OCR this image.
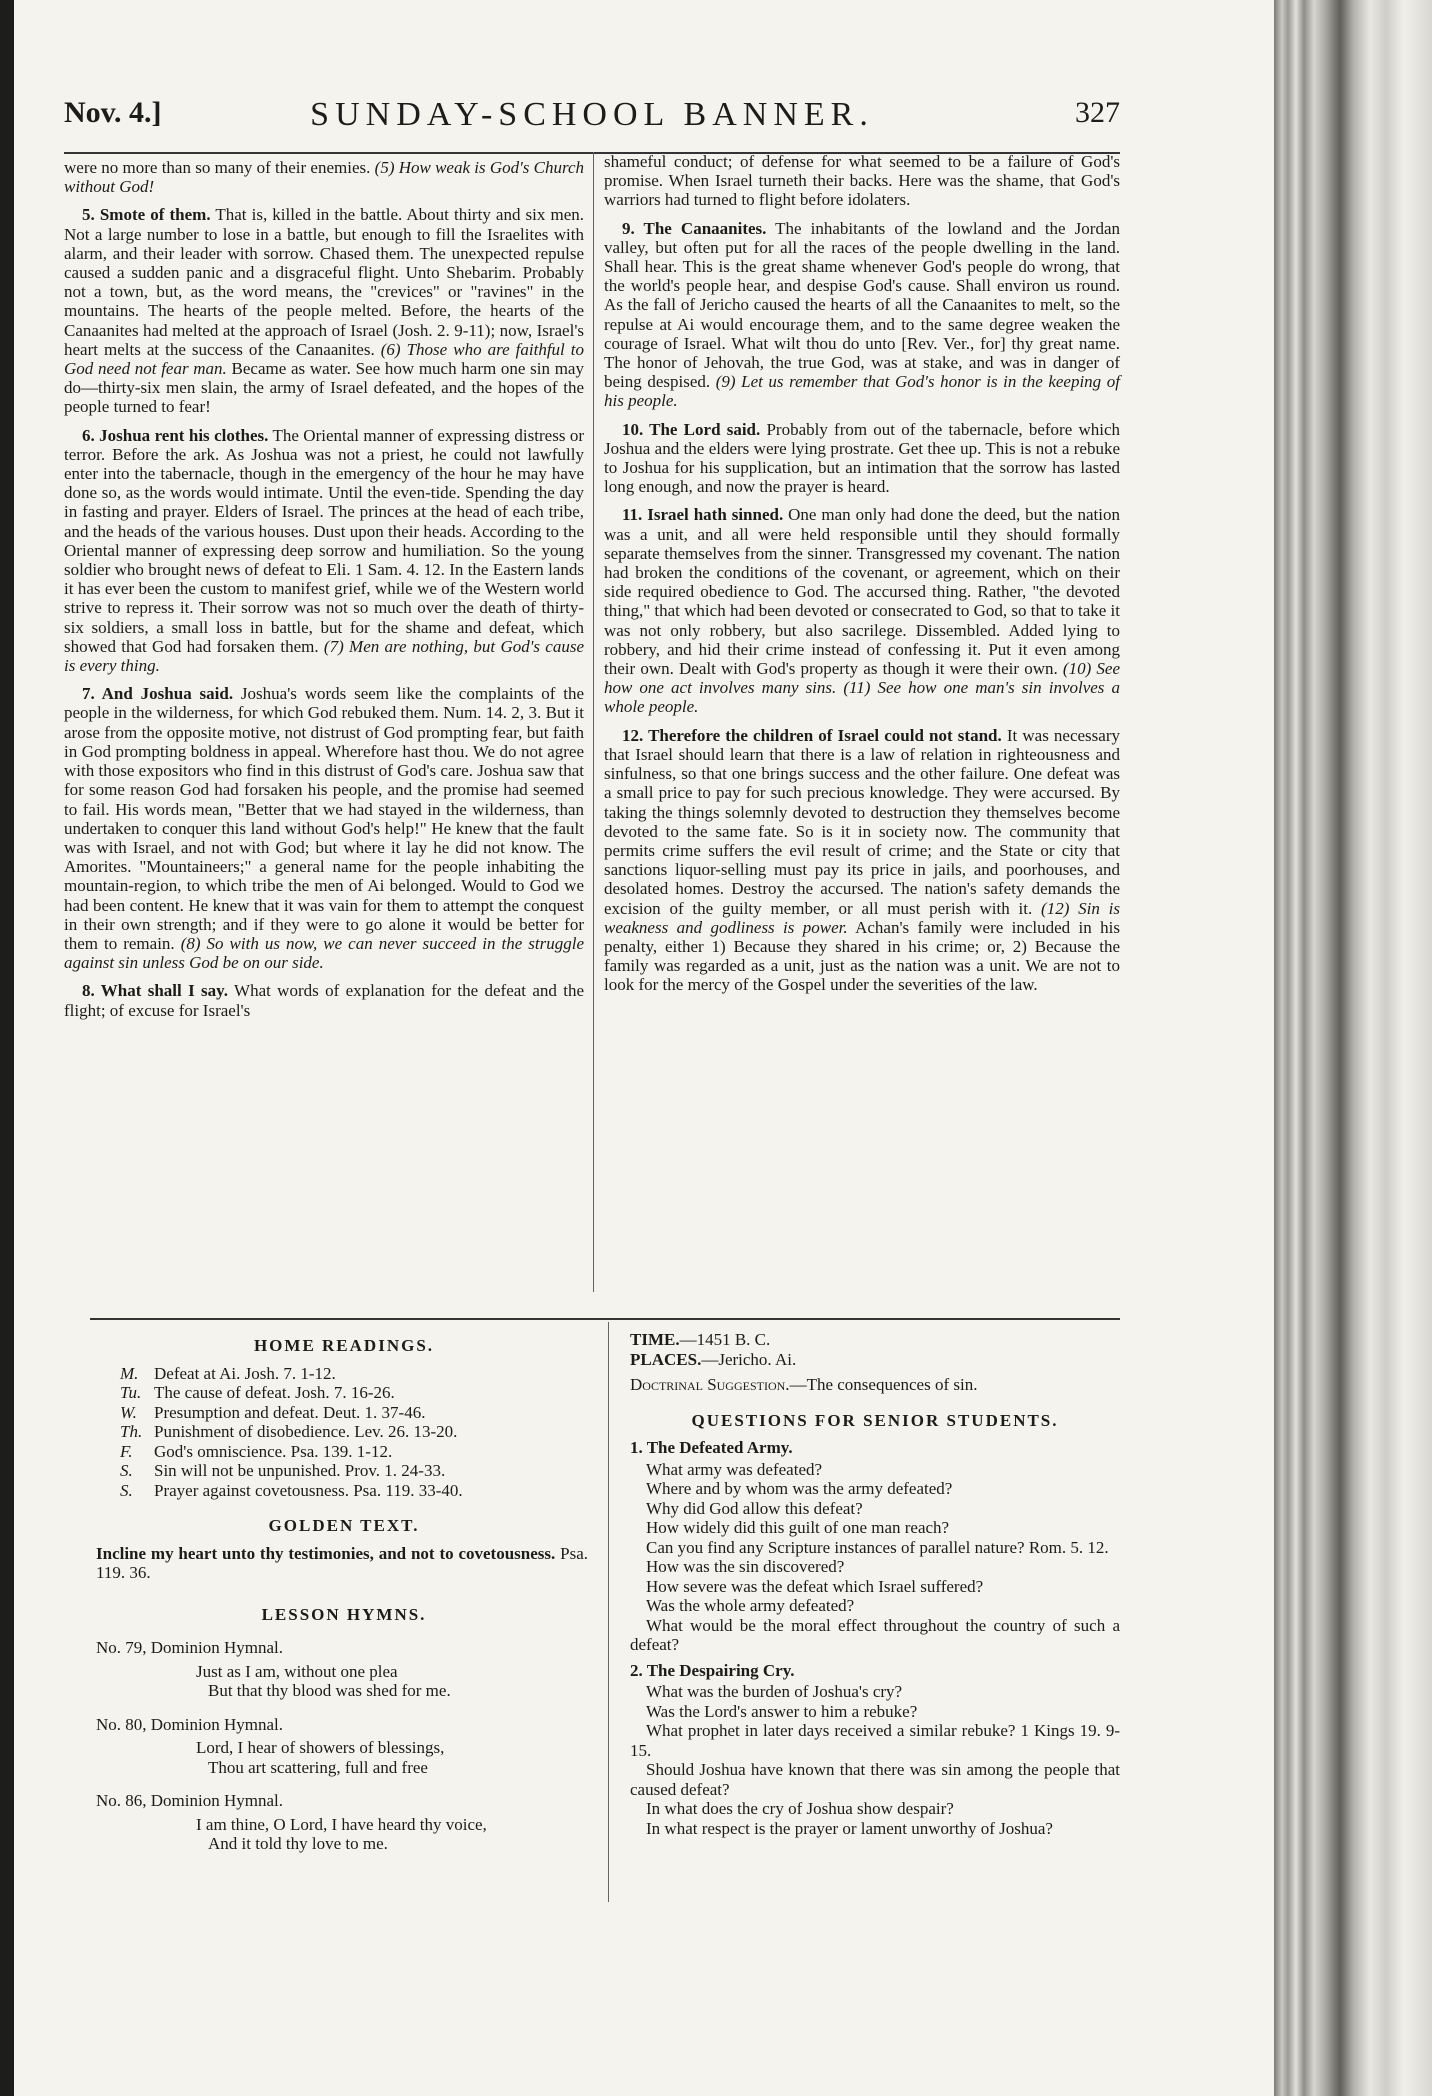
Nov. 4.]	SUNDAY-SCHOOL BANNER.	327

were no more than so many of their enemies. (5) How weak is God's Church without God!

5. Smote of them. That is, killed in the battle. About thirty and six men. Not a large number to lose in a battle, but enough to fill the Israelites with alarm, and their leader with sorrow. Chased them. The unexpected repulse caused a sudden panic and a disgraceful flight. Unto Shebarim. Probably not a town, but, as the word means, the "crevices" or "ravines" in the mountains. The hearts of the people melted. Before, the hearts of the Canaanites had melted at the approach of Israel (Josh. 2. 9-11); now, Israel's heart melts at the success of the Canaanites. (6) Those who are faithful to God need not fear man. Became as water. See how much harm one sin may do—thirty-six men slain, the army of Israel defeated, and the hopes of the people turned to fear!

6. Joshua rent his clothes. The Oriental manner of expressing distress or terror. Before the ark. As Joshua was not a priest, he could not lawfully enter into the tabernacle, though in the emergency of the hour he may have done so, as the words would intimate. Until the even-tide. Spending the day in fasting and prayer. Elders of Israel. The princes at the head of each tribe, and the heads of the various houses. Dust upon their heads. According to the Oriental manner of expressing deep sorrow and humiliation. So the young soldier who brought news of defeat to Eli. 1 Sam. 4. 12. In the Eastern lands it has ever been the custom to manifest grief, while we of the Western world strive to repress it. Their sorrow was not so much over the death of thirty-six soldiers, a small loss in battle, but for the shame and defeat, which showed that God had forsaken them. (7) Men are nothing, but God's cause is every thing.

7. And Joshua said. Joshua's words seem like the complaints of the people in the wilderness, for which God rebuked them. Num. 14. 2, 3. But it arose from the opposite motive, not distrust of God prompting fear, but faith in God prompting boldness in appeal. Wherefore hast thou. We do not agree with those expositors who find in this distrust of God's care. Joshua saw that for some reason God had forsaken his people, and the promise had seemed to fail. His words mean, "Better that we had stayed in the wilderness, than undertaken to conquer this land without God's help!" He knew that the fault was with Israel, and not with God; but where it lay he did not know. The Amorites. "Mountaineers;" a general name for the people inhabiting the mountain-region, to which tribe the men of Ai belonged. Would to God we had been content. He knew that it was vain for them to attempt the conquest in their own strength; and if they were to go alone it would be better for them to remain. (8) So with us now, we can never succeed in the struggle against sin unless God be on our side.

8. What shall I say. What words of explanation for the defeat and the flight; of excuse for Israel's

shameful conduct; of defense for what seemed to be a failure of God's promise. When Israel turneth their backs. Here was the shame, that God's warriors had turned to flight before idolaters.

9. The Canaanites. The inhabitants of the lowland and the Jordan valley, but often put for all the races of the people dwelling in the land. Shall hear. This is the great shame whenever God's people do wrong, that the world's people hear, and despise God's cause. Shall environ us round. As the fall of Jericho caused the hearts of all the Canaanites to melt, so the repulse at Ai would encourage them, and to the same degree weaken the courage of Israel. What wilt thou do unto [Rev. Ver., for] thy great name. The honor of Jehovah, the true God, was at stake, and was in danger of being despised. (9) Let us remember that God's honor is in the keeping of his people.

10. The Lord said. Probably from out of the tabernacle, before which Joshua and the elders were lying prostrate. Get thee up. This is not a rebuke to Joshua for his supplication, but an intimation that the sorrow has lasted long enough, and now the prayer is heard.

11. Israel hath sinned. One man only had done the deed, but the nation was a unit, and all were held responsible until they should formally separate themselves from the sinner. Transgressed my covenant. The nation had broken the conditions of the covenant, or agreement, which on their side required obedience to God. The accursed thing. Rather, "the devoted thing," that which had been devoted or consecrated to God, so that to take it was not only robbery, but also sacrilege. Dissembled. Added lying to robbery, and hid their crime instead of confessing it. Put it even among their own. Dealt with God's property as though it were their own. (10) See how one act involves many sins. (11) See how one man's sin involves a whole people.

12. Therefore the children of Israel could not stand. It was necessary that Israel should learn that there is a law of relation in righteousness and sinfulness, so that one brings success and the other failure. One defeat was a small price to pay for such precious knowledge. They were accursed. By taking the things solemnly devoted to destruction they themselves become devoted to the same fate. So is it in society now. The community that permits crime suffers the evil result of crime; and the State or city that sanctions liquor-selling must pay its price in jails, and poorhouses, and desolated homes. Destroy the accursed. The nation's safety demands the excision of the guilty member, or all must perish with it. (12) Sin is weakness and godliness is power. Achan's family were included in his penalty, either 1) Because they shared in his crime; or, 2) Because the family was regarded as a unit, just as the nation was a unit. We are not to look for the mercy of the Gospel under the severities of the law.

HOME READINGS.
M. Defeat at Ai. Josh. 7. 1-12.
Tu. The cause of defeat. Josh. 7. 16-26.
W.	Presumption and defeat. Deut. 1. 37-46.
Th. Punishment of disobedience. Lev. 26. 13-20.
F.	God's omniscience. Psa. 139. 1-12.
S.	Sin will not be unpunished. Prov. 1. 24-33.
S.	Prayer against covetousness. Psa. 119. 33-40.
GOLDEN TEXT.
Incline my heart unto thy testimonies, and not to covetousness. Psa. 119. 36.
LESSON HYMNS.
No. 79, Dominion Hymnal.
Just as I am, without one plea
But that thy blood was shed for me.
No. 80, Dominion Hymnal.
Lord, I hear of showers of blessings,
Thou art scattering, full and free
No. 86, Dominion Hymnal.
I am thine, O Lord, I have heard thy voice,
And it told thy love to me.
TIME.—1451 B. C.
PLACES.—Jericho. Ai.
Doctrinal Suggestion.—The consequences of sin.
QUESTIONS FOR SENIOR STUDENTS.
1. The Defeated Army.
What army was defeated?
Where and by whom was the army defeated?
Why did God allow this defeat?
How widely did this guilt of one man reach?
Can you find any Scripture instances of parallel nature? Rom. 5. 12.
How was the sin discovered?
How severe was the defeat which Israel suffered?
Was the whole army defeated?
What would be the moral effect throughout the country of such a defeat?
2. The Despairing Cry.
What was the burden of Joshua's cry?
Was the Lord's answer to him a rebuke?
What prophet in later days received a similar rebuke? 1 Kings 19. 9-15.
Should Joshua have known that there was sin among the people that caused defeat?
In what does the cry of Joshua show despair?
In what respect is the prayer or lament unworthy of Joshua?
